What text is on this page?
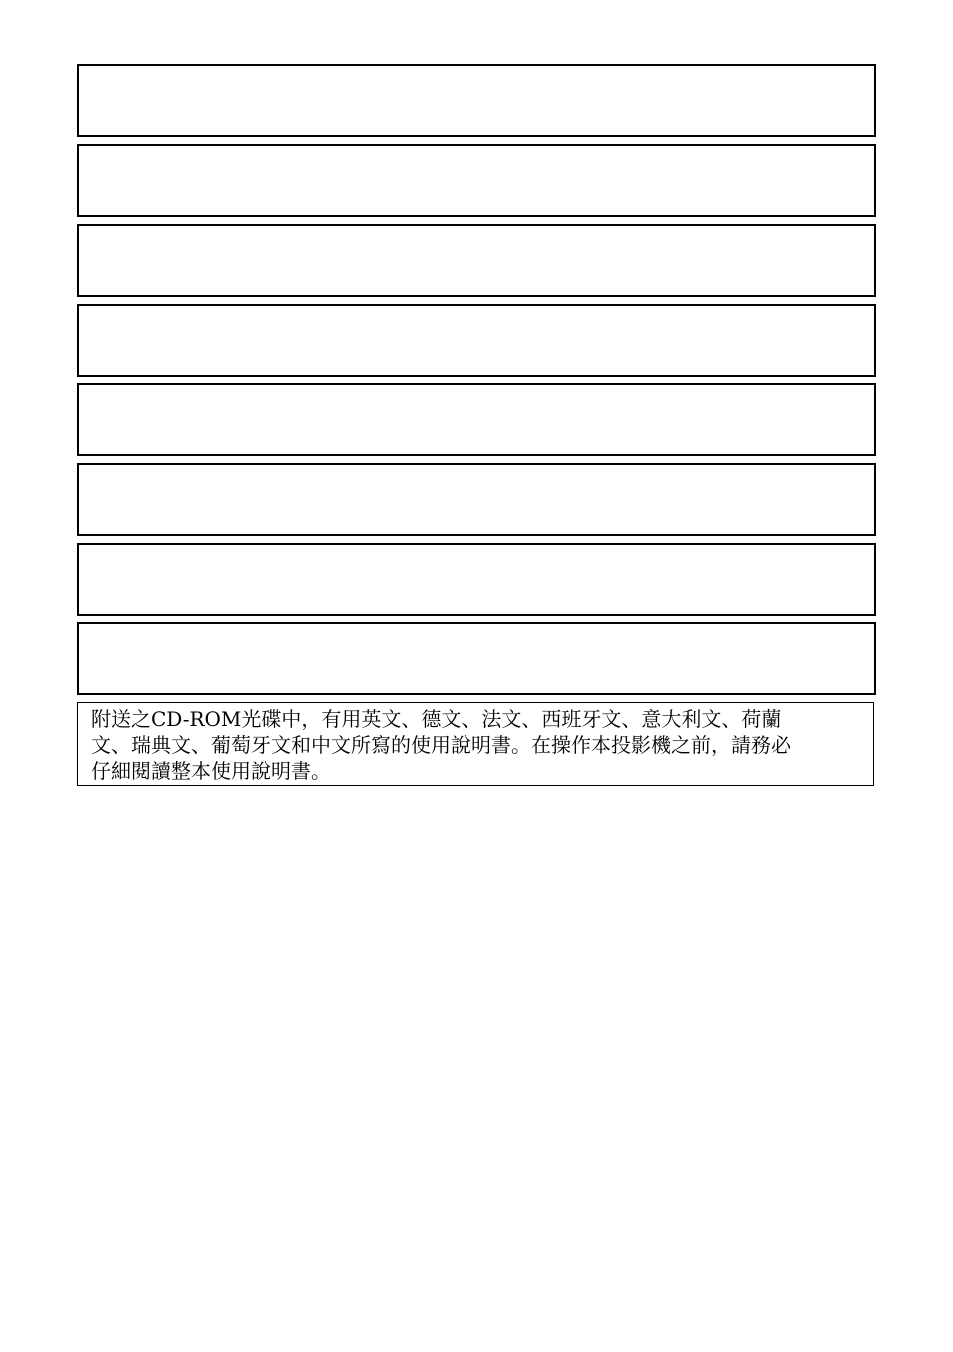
附送之CD-ROM光碟中，有用英文、德文、法文、西班牙文、意大利文、荷蘭

文、瑞典文、葡萄牙文和中文所寫的使用說明書。在操作本投影機之前，請務必

仔細閱讀整本使用說明書。
